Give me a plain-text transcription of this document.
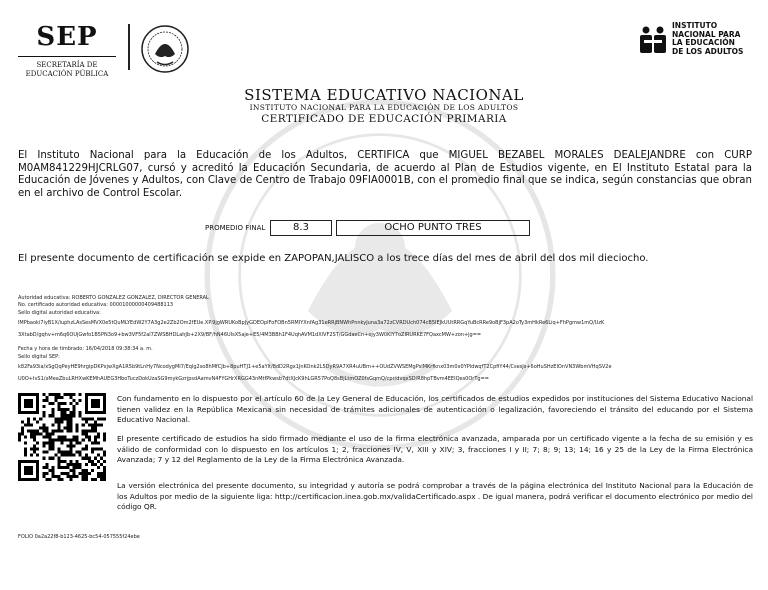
SEP
SECRETARÍA DE
EDUCACIÓN PÚBLICA
INSTITUTO
NACIONAL PARA
LA EDUCACIÓN
DE LOS ADULTOS
SISTEMA EDUCATIVO NACIONAL
INSTITUTO NACIONAL PARA LA EDUCACIÓN DE LOS ADULTOS
CERTIFICADO DE EDUCACIÓN PRIMARIA
El Instituto Nacional para la Educación de los Adultos, CERTIFICA que MIGUEL BEZABEL MORALES DEALEJANDRE con CURP M0AM841229HJCRLG07, cursó y acreditó la Educación Secundaria, de acuerdo al Plan de Estudios vigente, en El Instituto Estatal para la Educación de Jóvenes y Adultos, con Clave de Centro de Trabajo 09FIA0001B, con el promedio final que se indica, según constancias que obran en el archivo de Control Escolar.
PROMEDIO FINAL	8.3	OCHO PUNTO TRES
El presente documento de certificación se expide en ZAPOPAN,JALISCO a los trece días del mes de abril del dos mil dieciocho.
Autoridad educativa: ROBERTO GONZALEZ GONZALEZ, DIRECTOR GENERAL
No. certificado autoridad educativa: 00001000000409488113
Sello digital autoridad educativa:
lMPbaoki7iyB1X/iuphzLAsSesMVX0e5tQuMLYEdW2Y7A3g2e2Zb2Om2fEUe.XP.9jgWRUKoBpJyGDEOpIFoFOBn5RMIYXnfAg31eRRjBNWhPnnkyJuna3a72zCVRDUch074cB5IEJkUUtRRGqYuBcRRe9oBjF3pA2oTy3mHkRe6Liq+FhPgmw1mQ/UzK
3XtabD/gqhv+m6q6OUjGwfo1B5PN3o9+bw3VF5f2al7ZWSBHDLahJb+2X9/BF/hN46UIsX5aje+E5/4M3BBh1F4UqhAVM1dXlVF2ST/GGdaeCn+ejy3W0KlY7oZIRURKE7FQaxcMW+zon+jg==
Fecha y hora de timbrado: 16/04/2018 09:38:34 a. m.
Sello digital SEP:
k82Fa93ia/xSgQqPeyHE9hrgipDKPxjwXgA1R5b9tLnHy7NcodygMI7/Eqlg2so8hMfCJb+8puHTJ1+e5aYlt/8dD2Rgx1JnKOnk2L5DyR9A7XR4uUBm++OUdZVWSEMgPsIMKrfknx03m0x0YPldwqfT2CpfiY44/CsesJs+6oHuSHzEIOnVN3WbmVHqSV2e
U0O+IvS1/xMeaZbuLRHXwKEMhAUEG3HboTuczDokUzaSG9mykGzrjpsdAamvN4FYGHrXRGG43nMtfPkwsb7dtXJcK9hLGR57PoQ8sBjLtmOZ0fsGqmQ/cpr/dvqxSD/R8hpTBvm4EEIQes0OrTg==
Con fundamento en lo dispuesto por el artículo 60 de la Ley General de Educación, los certificados de estudios expedidos por instituciones del Sistema Educativo Nacional tienen validez en la República Mexicana sin necesidad de trámites adicionales de autenticación o legalización, favoreciendo el tránsito del educando por el Sistema Educativo Nacional.
El presente certificado de estudios ha sido firmado mediante el uso de la firma electrónica avanzada, amparada por un certificado vigente a la fecha de su emisión y es válido de conformidad con lo dispuesto en los artículos 1; 2, fracciones IV, V, XIII y XIV; 3, fracciones I y II; 7; 8; 9; 13; 14; 16 y 25 de la Ley de la Firma Electrónica Avanzada; 7 y 12 del Reglamento de la Ley de la Firma Electrónica Avanzada.
La versión electrónica del presente documento, su integridad y autoría se podrá comprobar a través de la página electrónica del Instituto Nacional para la Educación de los Adultos por medio de la siguiente liga: http://certificacion.inea.gob.mx/validaCertificado.aspx . De igual manera, podrá verificar el documento electrónico por medio del código QR.
FOLIO 0a2a22f8-b123-4625-bc54-057555f24ebe
